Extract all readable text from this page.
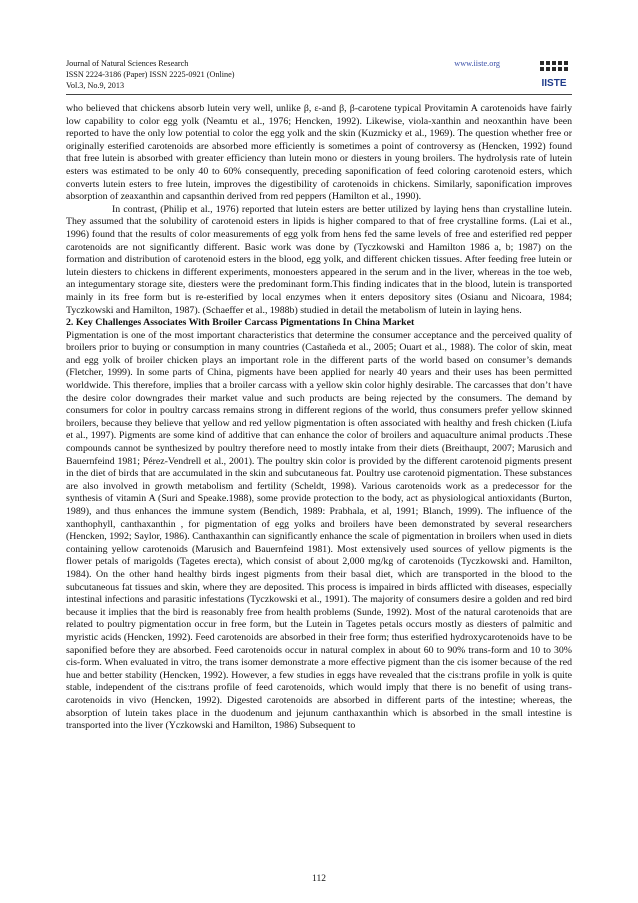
Journal of Natural Sciences Research
ISSN 2224-3186 (Paper) ISSN 2225-0921 (Online)
Vol.3, No.9, 2013
www.iiste.org
IISTE

who believed that chickens absorb lutein very well, unlike β, ε-and β, β-carotene typical Provitamin A carotenoids have fairly low capability to color egg yolk (Neamtu et al., 1976; Hencken, 1992). Likewise, viola-xanthin and neoxanthin have been reported to have the only low potential to color the egg yolk and the skin (Kuzmicky et al., 1969). The question whether free or originally esterified carotenoids are absorbed more efficiently is sometimes a point of controversy as (Hencken, 1992) found that free lutein is absorbed with greater efficiency than lutein mono or diesters in young broilers. The hydrolysis rate of lutein esters was estimated to be only 40 to 60% consequently, preceding saponification of feed coloring carotenoid esters, which converts lutein esters to free lutein, improves the digestibility of carotenoids in chickens. Similarly, saponification improves absorption of zeaxanthin and capsanthin derived from red peppers (Hamilton et al., 1990).

In contrast, (Philip et al., 1976) reported that lutein esters are better utilized by laying hens than crystalline lutein. They assumed that the solubility of carotenoid esters in lipids is higher compared to that of free crystalline forms. (Lai et al., 1996) found that the results of color measurements of egg yolk from hens fed the same levels of free and esterified red pepper carotenoids are not significantly different. Basic work was done by (Tyczkowski and Hamilton 1986 a, b; 1987) on the formation and distribution of carotenoid esters in the blood, egg yolk, and different chicken tissues. After feeding free lutein or lutein diesters to chickens in different experiments, monoesters appeared in the serum and in the liver, whereas in the toe web, an integumentary storage site, diesters were the predominant form.This finding indicates that in the blood, lutein is transported mainly in its free form but is re-esterified by local enzymes when it enters depository sites (Osianu and Nicoara, 1984; Tyczkowski and Hamilton, 1987). (Schaeffer et al., 1988b) studied in detail the metabolism of lutein in laying hens.

2. Key Challenges Associates With Broiler Carcass Pigmentations In China Market

Pigmentation is one of the most important characteristics that determine the consumer acceptance and the perceived quality of broilers prior to buying or consumption in many countries (Castañeda et al., 2005; Ouart et al., 1988). The color of skin, meat and egg yolk of broiler chicken plays an important role in the different parts of the world based on consumer’s demands (Fletcher, 1999). In some parts of China, pigments have been applied for nearly 40 years and their uses has been permitted worldwide. This therefore, implies that a broiler carcass with a yellow skin color highly desirable. The carcasses that don’t have the desire color downgrades their market value and such products are being rejected by the consumers. The demand by consumers for color in poultry carcass remains strong in different regions of the world, thus consumers prefer yellow skinned broilers, because they believe that yellow and red yellow pigmentation is often associated with healthy and fresh chicken (Liufa et al., 1997). Pigments are some kind of additive that can enhance the color of broilers and aquaculture animal products .These compounds cannot be synthesized by poultry therefore need to mostly intake from their diets (Breithaupt, 2007; Marusich and Bauernfeind 1981; Pérez-Vendrell et al., 2001). The poultry skin color is provided by the different carotenoid pigments present in the diet of birds that are accumulated in the skin and subcutaneous fat. Poultry use carotenoid pigmentation. These substances are also involved in growth metabolism and fertility (Scheldt, 1998). Various carotenoids work as a predecessor for the synthesis of vitamin A (Suri and Speake.1988), some provide protection to the body, act as physiological antioxidants (Burton, 1989), and thus enhances the immune system (Bendich, 1989: Prabhala, et al, 1991; Blanch, 1999). The influence of the xanthophyll, canthaxanthin , for pigmentation of egg yolks and broilers have been demonstrated by several researchers (Hencken, 1992; Saylor, 1986). Canthaxanthin can significantly enhance the scale of pigmentation in broilers when used in diets containing yellow carotenoids (Marusich and Bauernfeind 1981). Most extensively used sources of yellow pigments is the flower petals of marigolds (Tagetes erecta), which consist of about 2,000 mg/kg of carotenoids (Tyczkowski and. Hamilton, 1984). On the other hand healthy birds ingest pigments from their basal diet, which are transported in the blood to the subcutaneous fat tissues and skin, where they are deposited. This process is impaired in birds afflicted with diseases, especially intestinal infections and parasitic infestations (Tyczkowski et al., 1991). The majority of consumers desire a golden and red bird because it implies that the bird is reasonably free from health problems (Sunde, 1992). Most of the natural carotenoids that are related to poultry pigmentation occur in free form, but the Lutein in Tagetes petals occurs mostly as diesters of palmitic and myristic acids (Hencken, 1992). Feed carotenoids are absorbed in their free form; thus esterified hydroxycarotenoids have to be saponified before they are absorbed. Feed carotenoids occur in natural complex in about 60 to 90% trans-form and 10 to 30% cis-form. When evaluated in vitro, the trans isomer demonstrate a more effective pigment than the cis isomer because of the red hue and better stability (Hencken, 1992). However, a few studies in eggs have revealed that the cis:trans profile in yolk is quite stable, independent of the cis:trans profile of feed carotenoids, which would imply that there is no benefit of using trans-carotenoids in vivo (Hencken, 1992). Digested carotenoids are absorbed in different parts of the intestine; whereas, the absorption of lutein takes place in the duodenum and jejunum canthaxanthin which is absorbed in the small intestine is transported into the liver (Yczkowski and Hamilton, 1986) Subsequent to

112
